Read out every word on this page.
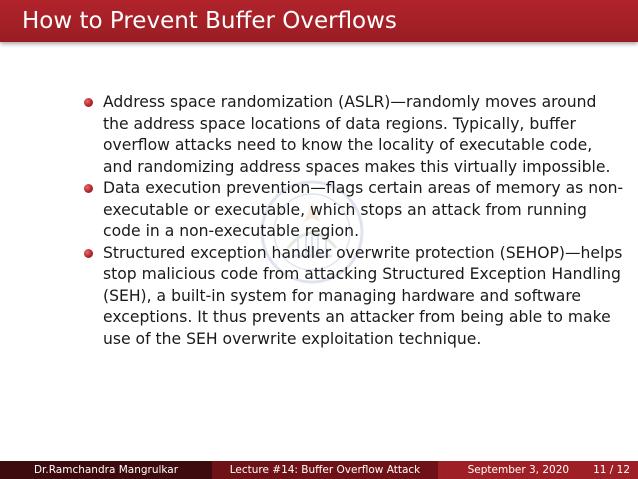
How to Prevent Buffer Overflows
Address space randomization (ASLR)—randomly moves around the address space locations of data regions. Typically, buffer overflow attacks need to know the locality of executable code, and randomizing address spaces makes this virtually impossible.
Data execution prevention—flags certain areas of memory as non-executable or executable, which stops an attack from running code in a non-executable region.
Structured exception handler overwrite protection (SEHOP)—helps stop malicious code from attacking Structured Exception Handling (SEH), a built-in system for managing hardware and software exceptions. It thus prevents an attacker from being able to make use of the SEH overwrite exploitation technique.
Dr.Ramchandra Mangrulkar	Lecture #14: Buffer Overflow Attack	September 3, 2020 11 / 12
